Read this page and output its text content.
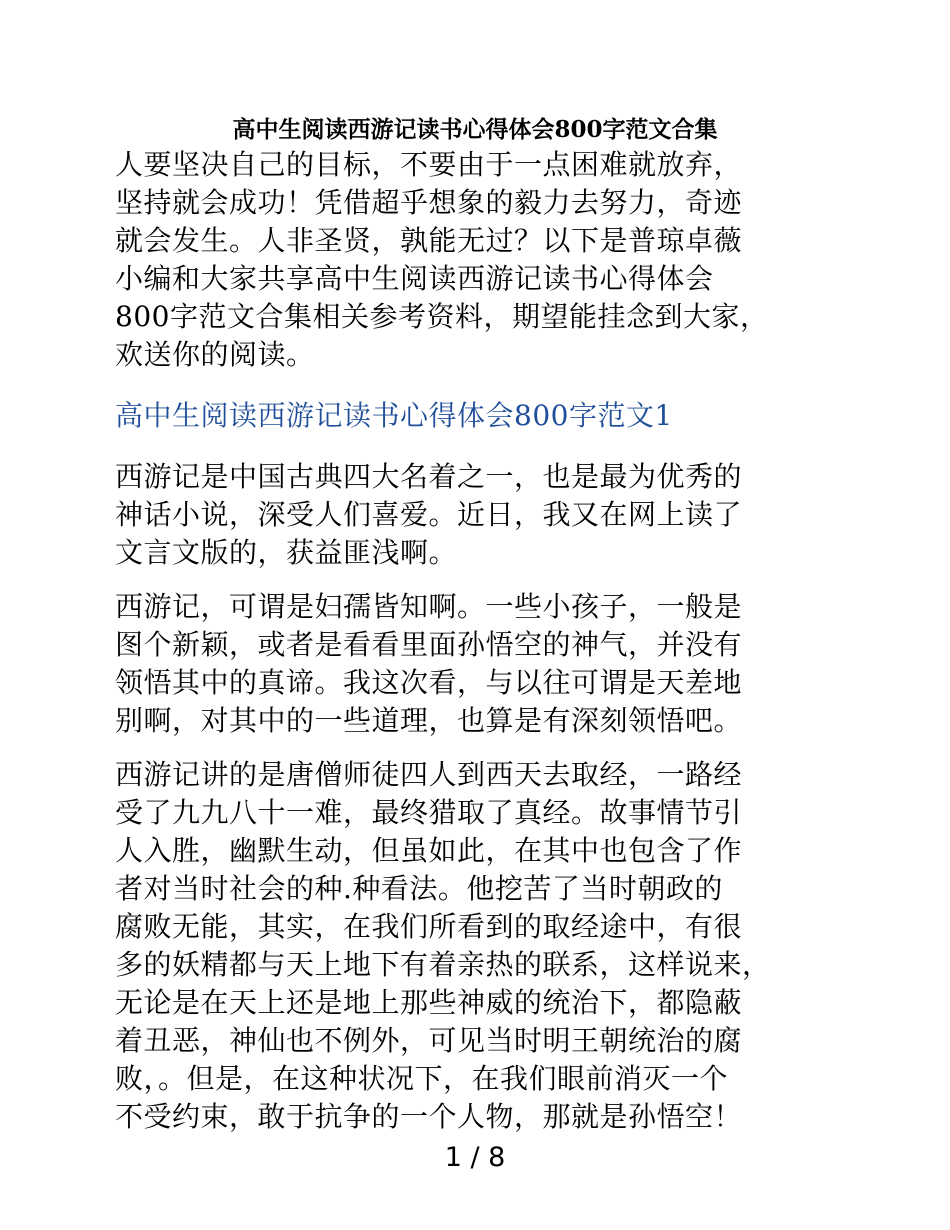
高中生阅读西游记读书心得体会800字范文合集

人要坚决自己的目标，不要由于一点困难就放弃，
坚持就会成功！凭借超乎想象的毅力去努力，奇迹
就会发生。人非圣贤，孰能无过？以下是普琼卓薇
小编和大家共享高中生阅读西游记读书心得体会
800字范文合集相关参考资料，期望能挂念到大家，
欢送你的阅读。

高中生阅读西游记读书心得体会800字范文1

西游记是中国古典四大名着之一，也是最为优秀的
神话小说，深受人们喜爱。近日，我又在网上读了
文言文版的，获益匪浅啊。

西游记，可谓是妇孺皆知啊。一些小孩子，一般是
图个新颖，或者是看看里面孙悟空的神气，并没有
领悟其中的真谛。我这次看，与以往可谓是天差地
别啊，对其中的一些道理，也算是有深刻领悟吧。

西游记讲的是唐僧师徒四人到西天去取经，一路经
受了九九八十一难，最终猎取了真经。故事情节引
人入胜，幽默生动，但虽如此，在其中也包含了作
者对当时社会的种.种看法。他挖苦了当时朝政的
腐败无能，其实，在我们所看到的取经途中，有很
多的妖精都与天上地下有着亲热的联系，这样说来，
无论是在天上还是地上那些神威的统治下，都隐蔽
着丑恶，神仙也不例外，可见当时明王朝统治的腐
败，。但是，在这种状况下，在我们眼前消灭一个
不受约束，敢于抗争的一个人物，那就是孙悟空！

1 / 8
